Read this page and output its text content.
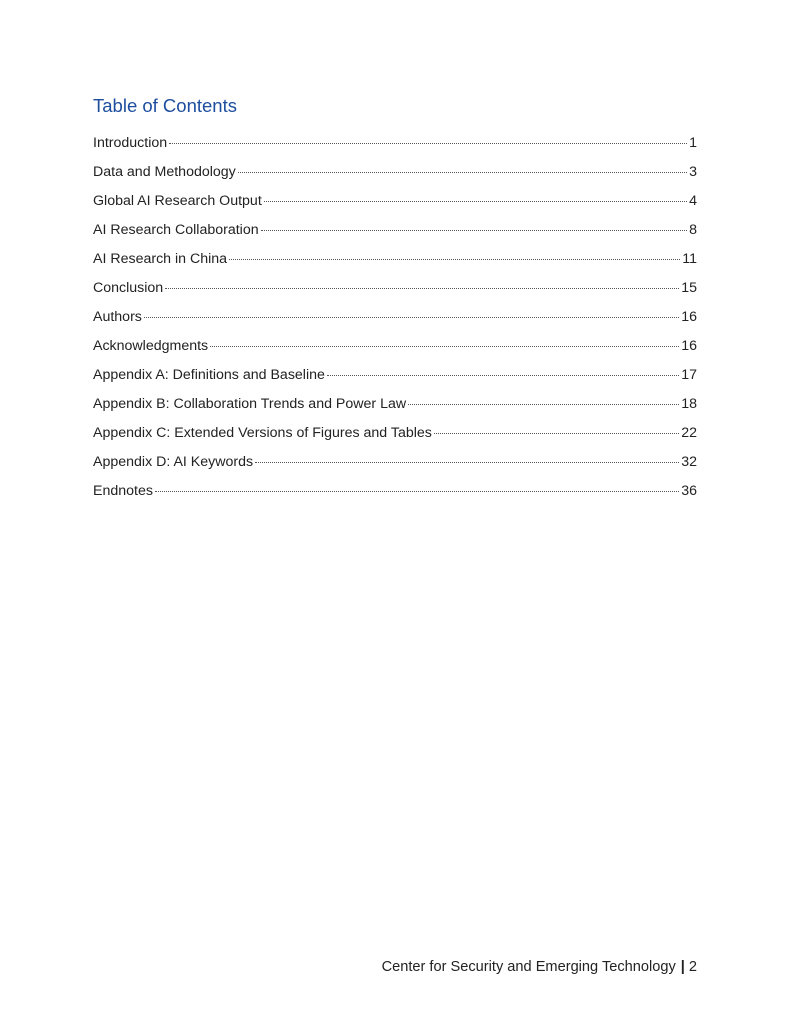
Table of Contents
Introduction	1
Data and Methodology	3
Global AI Research Output	4
AI Research Collaboration	8
AI Research in China	11
Conclusion	15
Authors	16
Acknowledgments	16
Appendix A: Definitions and Baseline	17
Appendix B: Collaboration Trends and Power Law	18
Appendix C: Extended Versions of Figures and Tables	22
Appendix D: AI Keywords	32
Endnotes	36
Center for Security and Emerging Technology | 2
